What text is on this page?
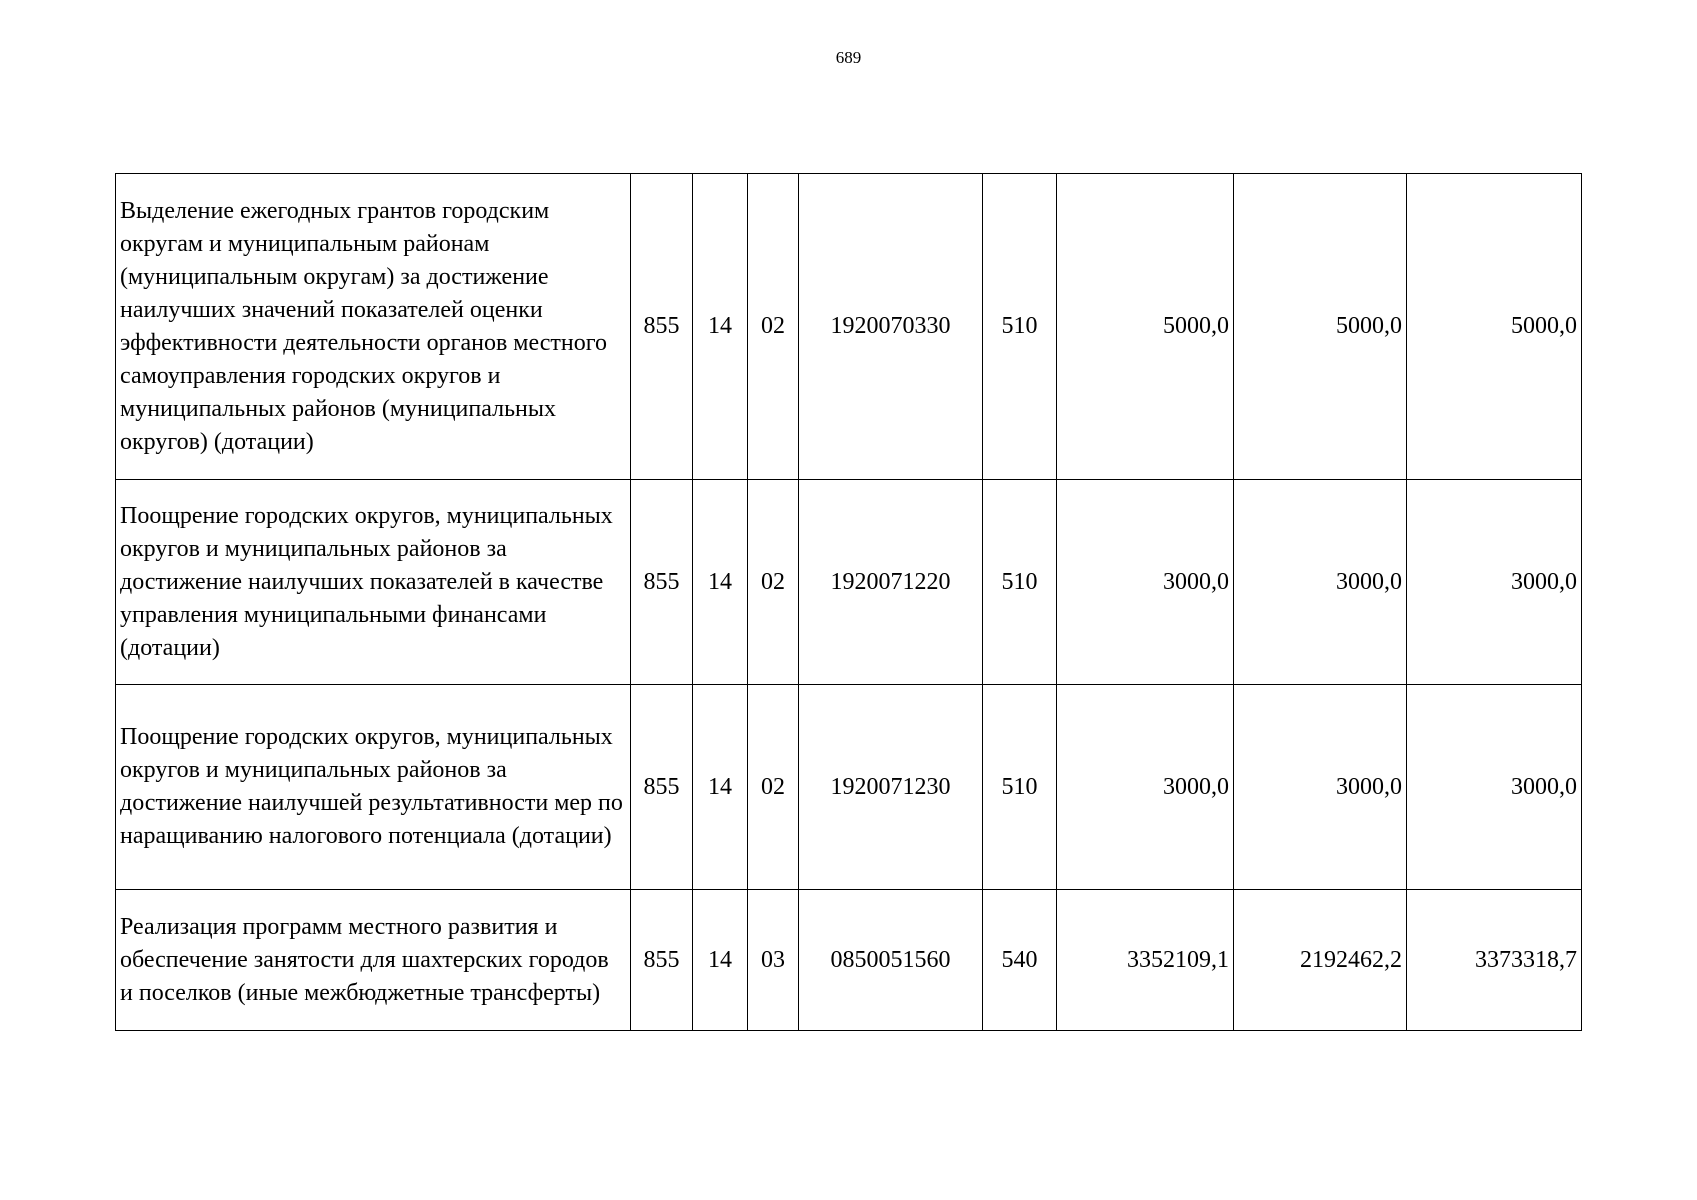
689
Выделение ежегодных грантов городским округам и муниципальным районам (муниципальным округам) за достижение наилучших значений показателей оценки эффективности деятельности органов местного самоуправления городских округов и муниципальных районов (муниципальных округов) (дотации)	855	14	02	1920070330	510	5000,0	5000,0	5000,0
Поощрение городских округов, муниципальных округов и муниципальных районов за достижение наилучших показателей в качестве управления муниципальными финансами (дотации)	855	14	02	1920071220	510	3000,0	3000,0	3000,0
Поощрение городских округов, муниципальных округов и муниципальных районов за достижение наилучшей результативности мер по наращиванию налогового потенциала (дотации)	855	14	02	1920071230	510	3000,0	3000,0	3000,0
Реализация программ местного развития и обеспечение занятости для шахтерских городов и поселков (иные межбюджетные трансферты)	855	14	03	0850051560	540	3352109,1	2192462,2	3373318,7
